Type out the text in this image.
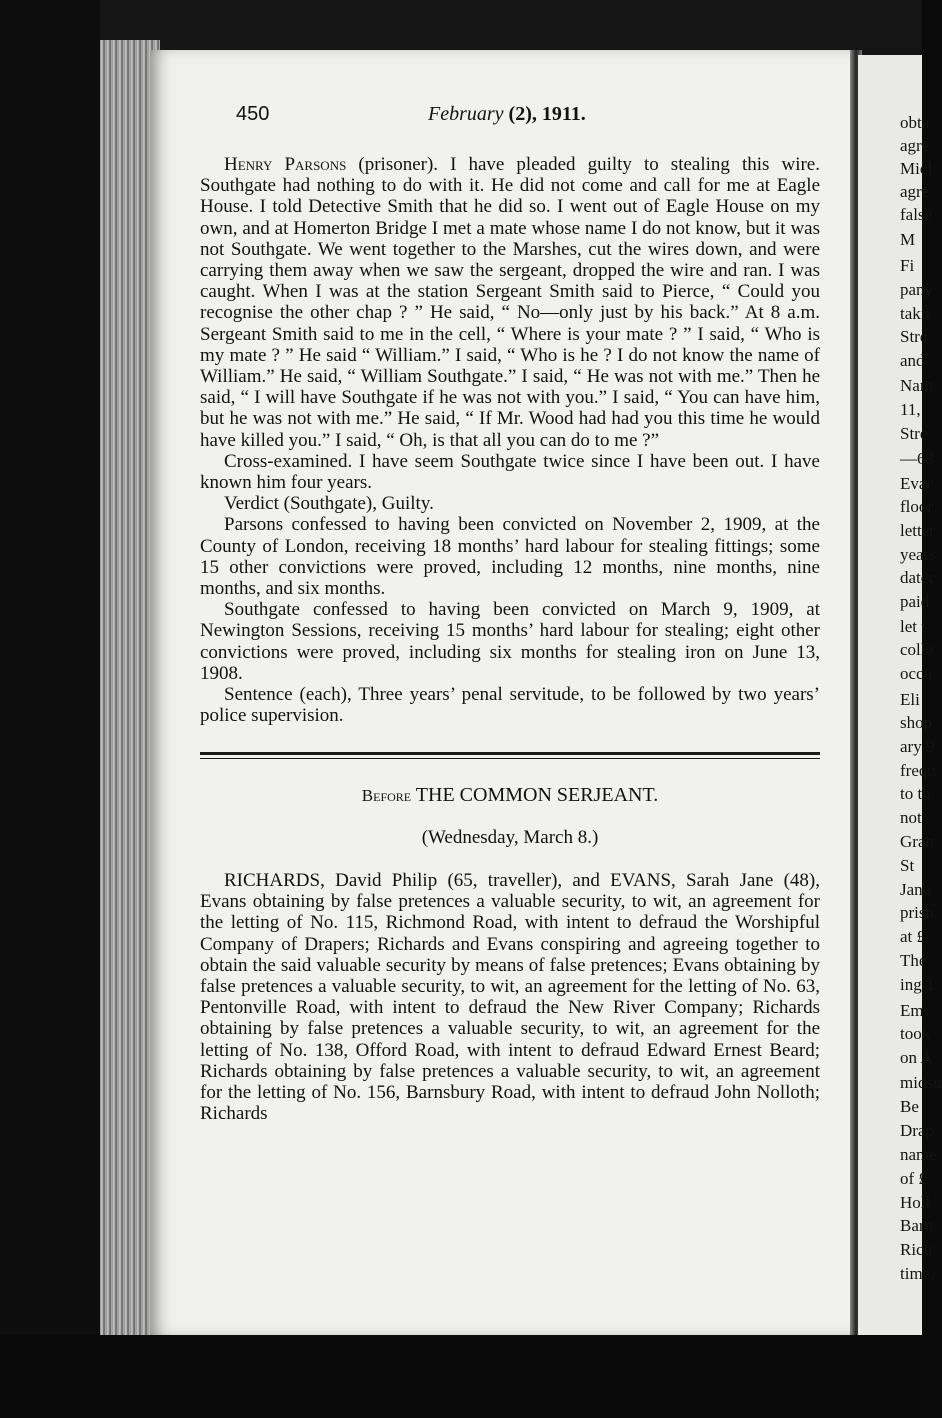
obta
agre
Micl
agre
false
M
Fi
pany
takii
Stre
and
Nam
11,
Stre
—63
Evar
floor
letter
years
datec
paid
let t
colle
occu
Eli
shop
ary 9
frequ
to th
not
Gran
St
Janu
priso
at £
The
ing 1
Em
took
on A
midsu
Be
Drap
name
of £
Holl
Barn
Rich
time,
450	February (2), 1911.

Henry Parsons (prisoner). I have pleaded guilty to stealing this wire. Southgate had nothing to do with it. He did not come and call for me at Eagle House. I told Detective Smith that he did so. I went out of Eagle House on my own, and at Homerton Bridge I met a mate whose name I do not know, but it was not Southgate. We went together to the Marshes, cut the wires down, and were carrying them away when we saw the sergeant, dropped the wire and ran. I was caught. When I was at the station Sergeant Smith said to Pierce, “ Could you recognise the other chap ? ” He said, “ No—only just by his back.” At 8 a.m. Sergeant Smith said to me in the cell, “ Where is your mate ? ” I said, “ Who is my mate ? ” He said “ William.” I said, “ Who is he ? I do not know the name of William.” He said, “ William Southgate.” I said, “ He was not with me.” Then he said, “ I will have Southgate if he was not with you.” I said, “ You can have him, but he was not with me.” He said, “ If Mr. Wood had had you this time he would have killed you.” I said, “ Oh, is that all you can do to me ?”

Cross-examined. I have seem Southgate twice since I have been out. I have known him four years.

Verdict (Southgate), Guilty.

Parsons confessed to having been convicted on November 2, 1909, at the County of London, receiving 18 months’ hard labour for stealing fittings; some 15 other convictions were proved, including 12 months, nine months, nine months, and six months.

Southgate confessed to having been convicted on March 9, 1909, at Newington Sessions, receiving 15 months’ hard labour for stealing; eight other convictions were proved, including six months for stealing iron on June 13, 1908.

Sentence (each), Three years’ penal servitude, to be followed by two years’ police supervision.

Before THE COMMON SERJEANT.
(Wednesday, March 8.)

RICHARDS, David Philip (65, traveller), and EVANS, Sarah Jane (48), Evans obtaining by false pretences a valuable security, to wit, an agreement for the letting of No. 115, Richmond Road, with intent to defraud the Worshipful Company of Drapers; Richards and Evans conspiring and agreeing together to obtain the said valuable security by means of false pretences; Evans obtaining by false pretences a valuable security, to wit, an agreement for the letting of No. 63, Pentonville Road, with intent to defraud the New River Company; Richards obtaining by false pretences a valuable security, to wit, an agreement for the letting of No. 138, Offord Road, with intent to defraud Edward Ernest Beard; Richards obtaining by false pretences a valuable security, to wit, an agreement for the letting of No. 156, Barnsbury Road, with intent to defraud John Nolloth; Richards
